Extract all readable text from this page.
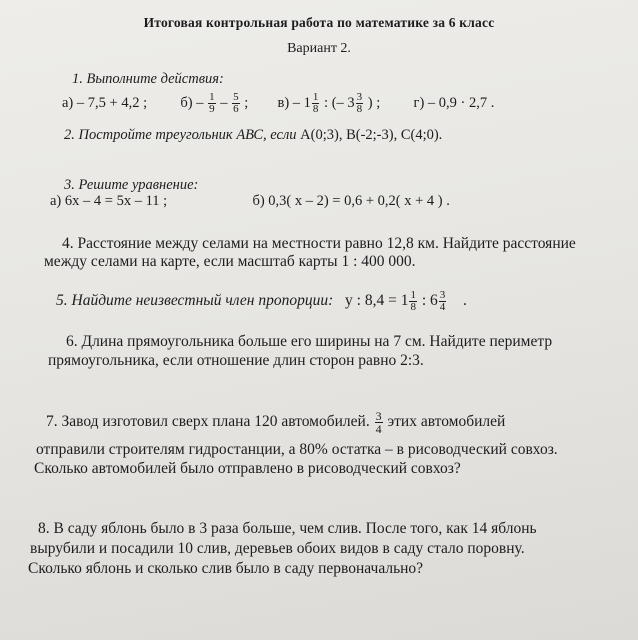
Итоговая контрольная работа по математике за 6 класс
Вариант 2.
1. Выполните действия:
а) – 7,5 + 4,2 ; $б) - \frac{1}{9} - \frac{5}{6}$ ; $в) - 1 \frac{1}{8}$ : (– $3 \frac{3}{8}$ ) ; г) – 0,9 · 2,7 .
2. Постройте треугольник АВС, если А(0;3), В(-2;-3), С(4;0).
3. Решите уравнение:
а) 6х – 4 = 5х – 11 ;	б) 0,3( х – 2) = 0,6 + 0,2( х + 4 ) .
4. Расстояние между селами на местности равно 12,8 км. Найдите расстояние
между селами на карте, если масштаб карты 1 : 400 000.
5. Найдите неизвестный член пропорции: у : $8,4 = 1 \frac{1}{8}$ : $6 \frac{3}{4}$ .
6. Длина прямоугольника больше его ширины на 7 см. Найдите периметр
прямоугольника, если отношение длин сторон равно 2:3.
7. Завод изготовил сверх плана 120 автомобилей. $\frac{3}{4}$ этих автомобилей
отправили строителям гидростанции, а 80% остатка – в рисоводческий совхоз.
Сколько автомобилей было отправлено в рисоводческий совхоз?
8. В саду яблонь было в 3 раза больше, чем слив. После того, как 14 яблонь
вырубили и посадили 10 слив, деревьев обоих видов в саду стало поровну.
Сколько яблонь и сколько слив было в саду первоначально?
